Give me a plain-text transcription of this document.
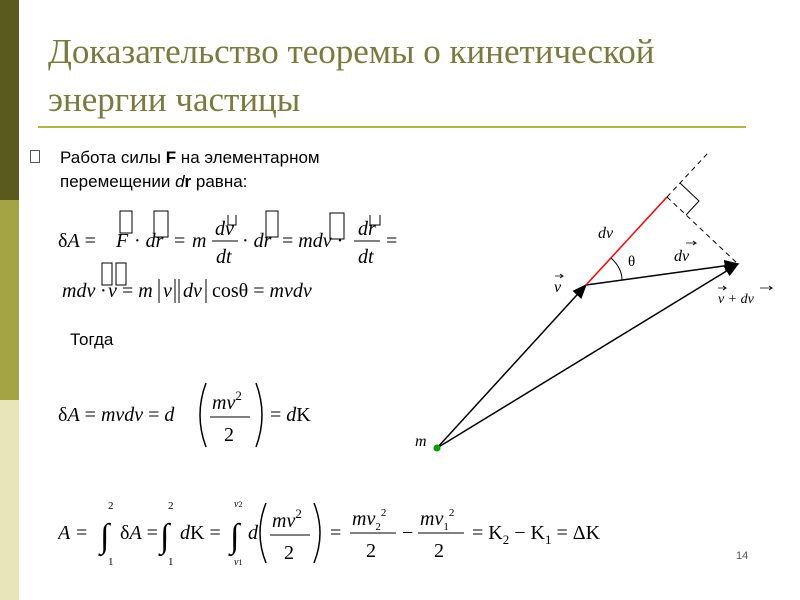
Доказательство теоремы о кинетической энергии частицы
Работа силы F на элементарном перемещении dr равна:
Тогда
14
δA = F · dr = m
dv
dt
· dr = mdv ·
dr
dt
=
mdv · v = m v dv cosθ = mvdv
δA = mvdv = d
$mv^2$
2
= dK
A = ∫
2
1
δA = ∫
2
1
dK = ∫
v2
v1
d
$mv^2$
2
=
$mv_2^2$
2
−
$mv_1^2$
2
= $K_2 - K_1 = \Delta K$
m
v
dv
θ dv
v + dv
